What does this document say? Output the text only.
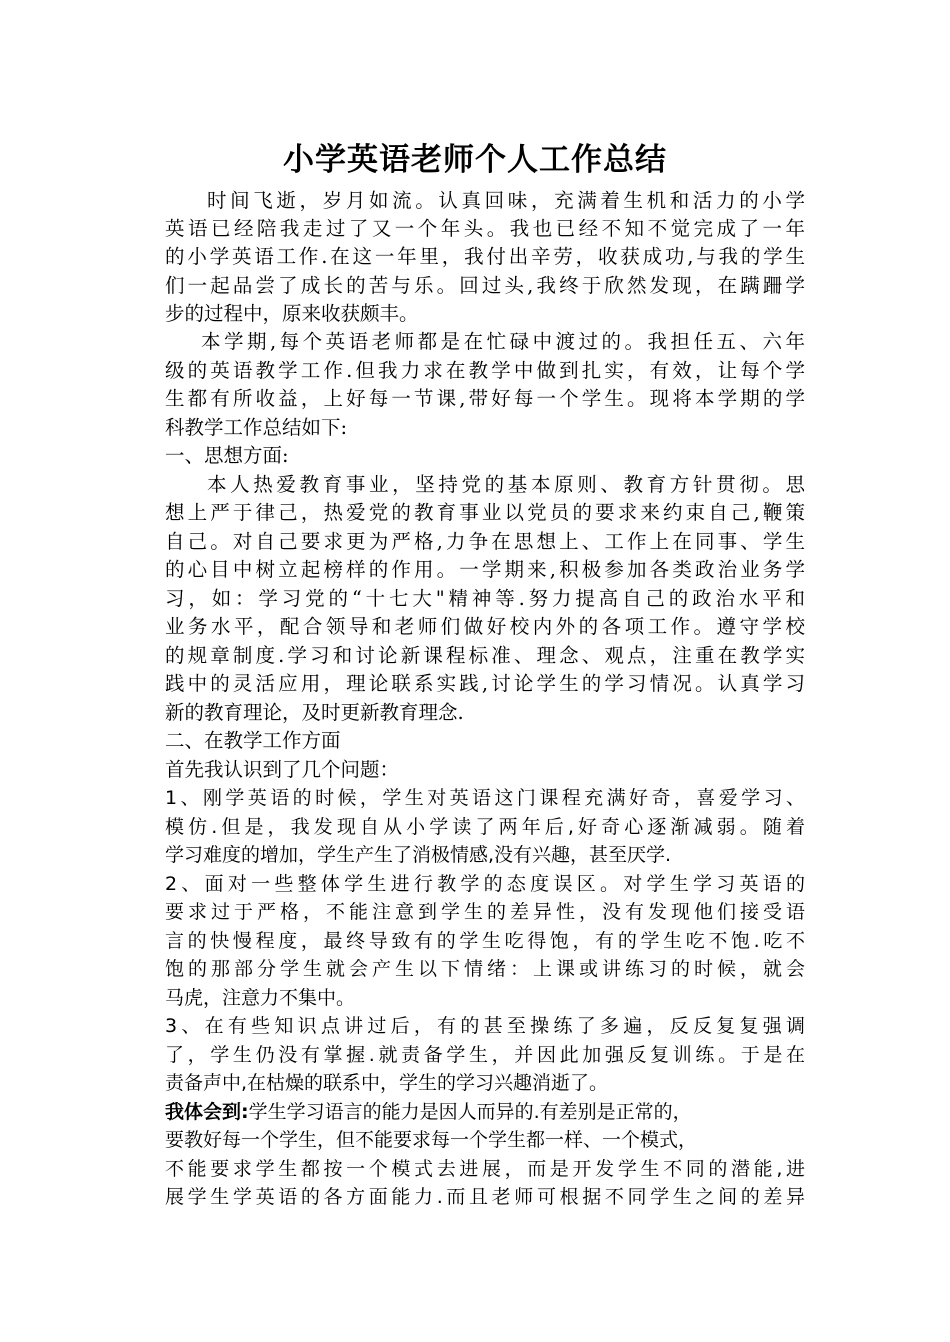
小学英语老师个人工作总结
时间飞逝，岁月如流。认真回味，充满着生机和活力的小学
英语已经陪我走过了又一个年头。我也已经不知不觉完成了一年
的小学英语工作.在这一年里，我付出辛劳，收获成功,与我的学生
们一起品尝了成长的苦与乐。回过头,我终于欣然发现，在蹒跚学
步的过程中，原来收获颇丰。
本学期,每个英语老师都是在忙碌中渡过的。我担任五、六年
级的英语教学工作.但我力求在教学中做到扎实，有效，让每个学
生都有所收益，上好每一节课,带好每一个学生。现将本学期的学
科教学工作总结如下:
一、思想方面:
本人热爱教育事业，坚持党的基本原则、教育方针贯彻。思
想上严于律己，热爱党的教育事业以党员的要求来约束自己,鞭策
自己。对自己要求更为严格,力争在思想上、工作上在同事、学生
的心目中树立起榜样的作用。一学期来,积极参加各类政治业务学
习，如：学习党的“十七大"精神等.努力提高自己的政治水平和
业务水平，配合领导和老师们做好校内外的各项工作。遵守学校
的规章制度.学习和讨论新课程标准、理念、观点，注重在教学实
践中的灵活应用，理论联系实践,讨论学生的学习情况。认真学习
新的教育理论，及时更新教育理念.
二、在教学工作方面
首先我认识到了几个问题：
1、刚学英语的时候，学生对英语这门课程充满好奇，喜爱学习、
模仿.但是，我发现自从小学读了两年后,好奇心逐渐减弱。随着
学习难度的增加，学生产生了消极情感,没有兴趣，甚至厌学.
2、面对一些整体学生进行教学的态度误区。对学生学习英语的
要求过于严格，不能注意到学生的差异性，没有发现他们接受语
言的快慢程度，最终导致有的学生吃得饱，有的学生吃不饱.吃不
饱的那部分学生就会产生以下情绪：上课或讲练习的时候，就会
马虎，注意力不集中。
3、在有些知识点讲过后，有的甚至操练了多遍，反反复复强调
了，学生仍没有掌握.就责备学生，并因此加强反复训练。于是在
责备声中,在枯燥的联系中，学生的学习兴趣消逝了。
我体会到:学生学习语言的能力是因人而异的.有差别是正常的，
要教好每一个学生，但不能要求每一个学生都一样、一个模式，
不能要求学生都按一个模式去进展，而是开发学生不同的潜能,进
展学生学英语的各方面能力.而且老师可根据不同学生之间的差异
